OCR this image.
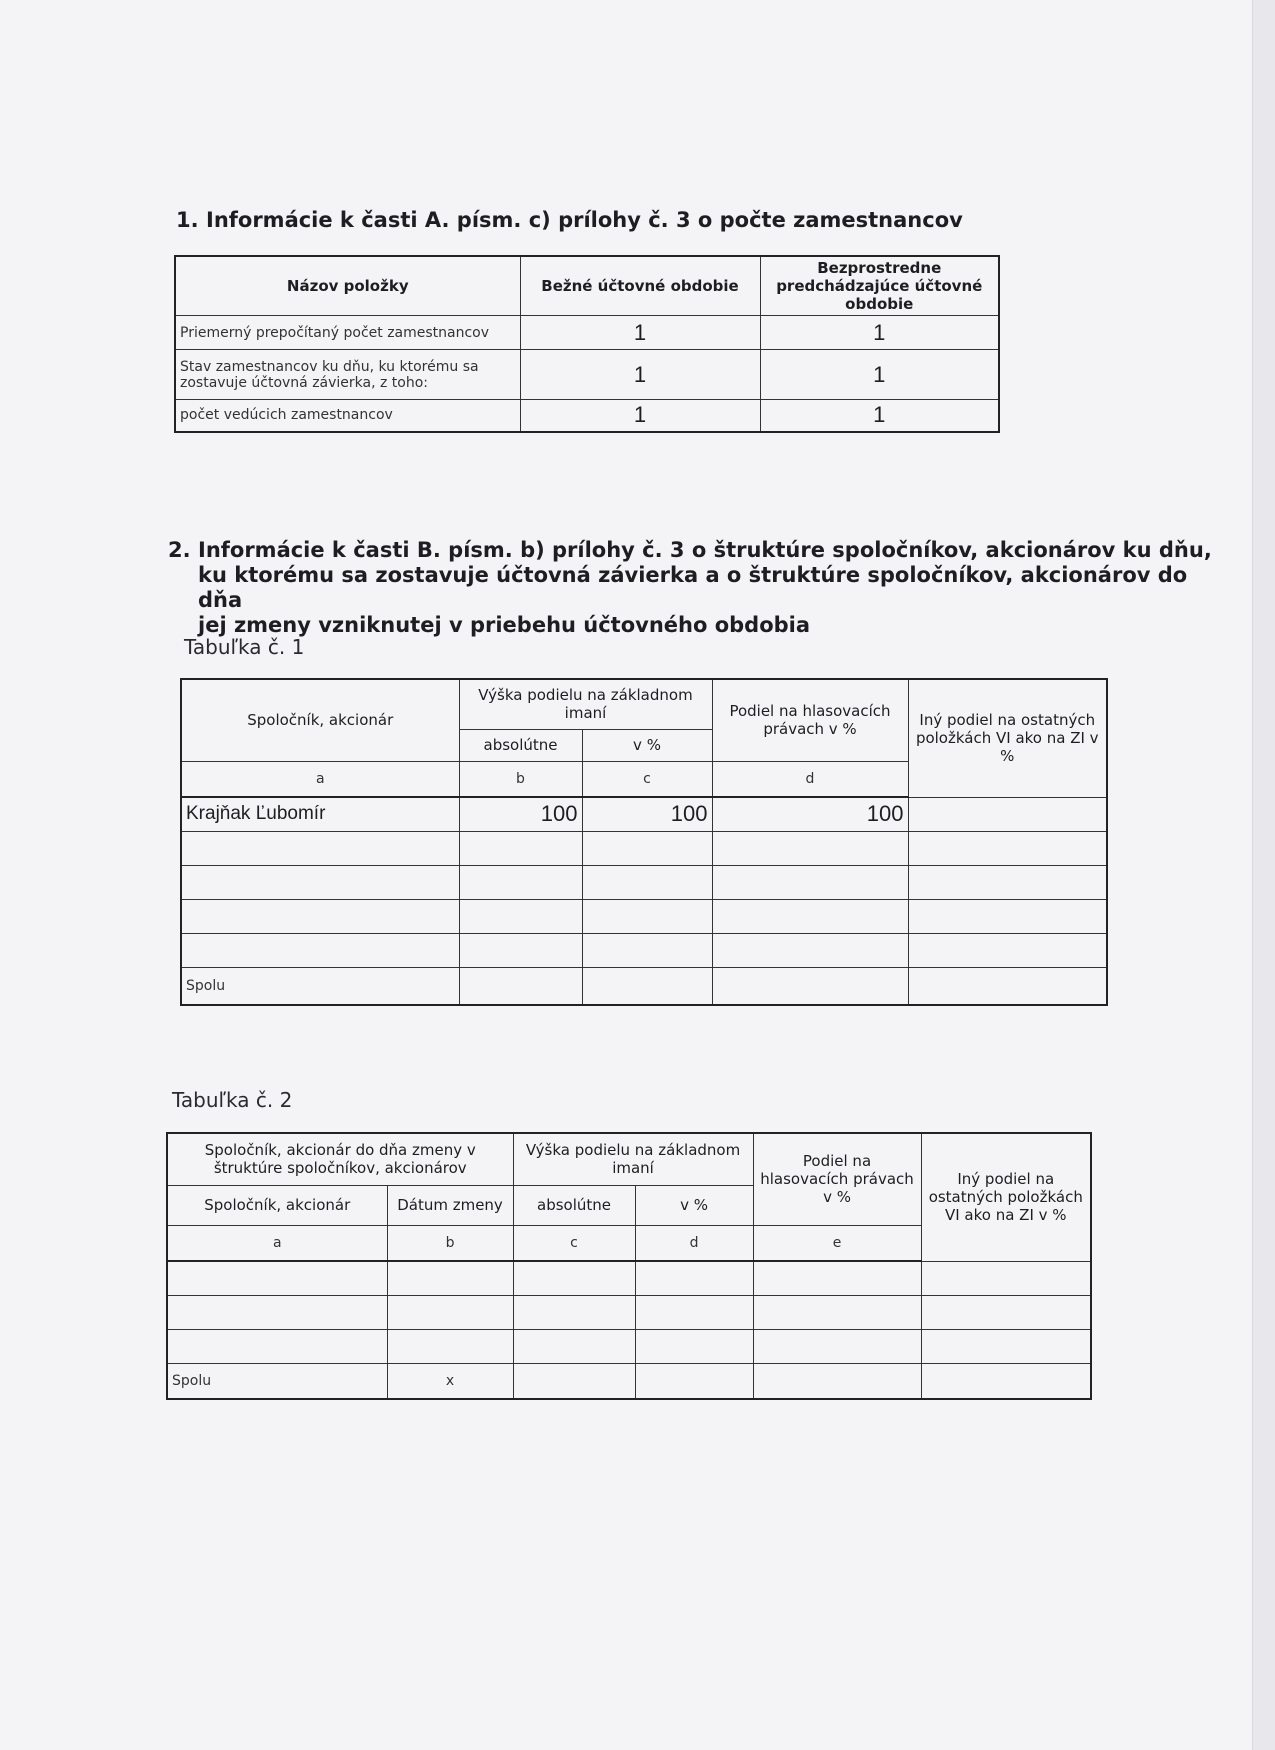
1. Informácie k časti A. písm. c) prílohy č. 3 o počte zamestnancov
Názov položky	Bežné účtovné obdobie	Bezprostredne predchádzajúce účtovné obdobie
Priemerný prepočítaný počet zamestnancov	1	1
Stav zamestnancov ku dňu, ku ktorému sa zostavuje účtovná závierka, z toho:	1	1
počet vedúcich zamestnancov	1	1
2. Informácie k časti B. písm. b) prílohy č. 3 o štruktúre spoločníkov, akcionárov ku dňu,
ku ktorému sa zostavuje účtovná závierka a o štruktúre spoločníkov, akcionárov do dňa
jej zmeny vzniknutej v priebehu účtovného obdobia
Tabuľka č. 1
Spoločník, akcionár	Výška podielu na základnom imaní		Podiel na hlasovacích právach v %	Iný podiel na ostatných položkách VI ako na ZI v %
	absolútne	v %		
a	b	c	d	
Krajňak Ľubomír	100	100	100	

Spolu				
Tabuľka č. 2
Spoločník, akcionár do dňa zmeny v štruktúre spoločníkov, akcionárov		Výška podielu na základnom imaní		Podiel na hlasovacích právach v %	Iný podiel na ostatných položkách VI ako na ZI v %
Spoločník, akcionár	Dátum zmeny	absolútne	v %		
a	b	c	d	e	

Spolu	x				
